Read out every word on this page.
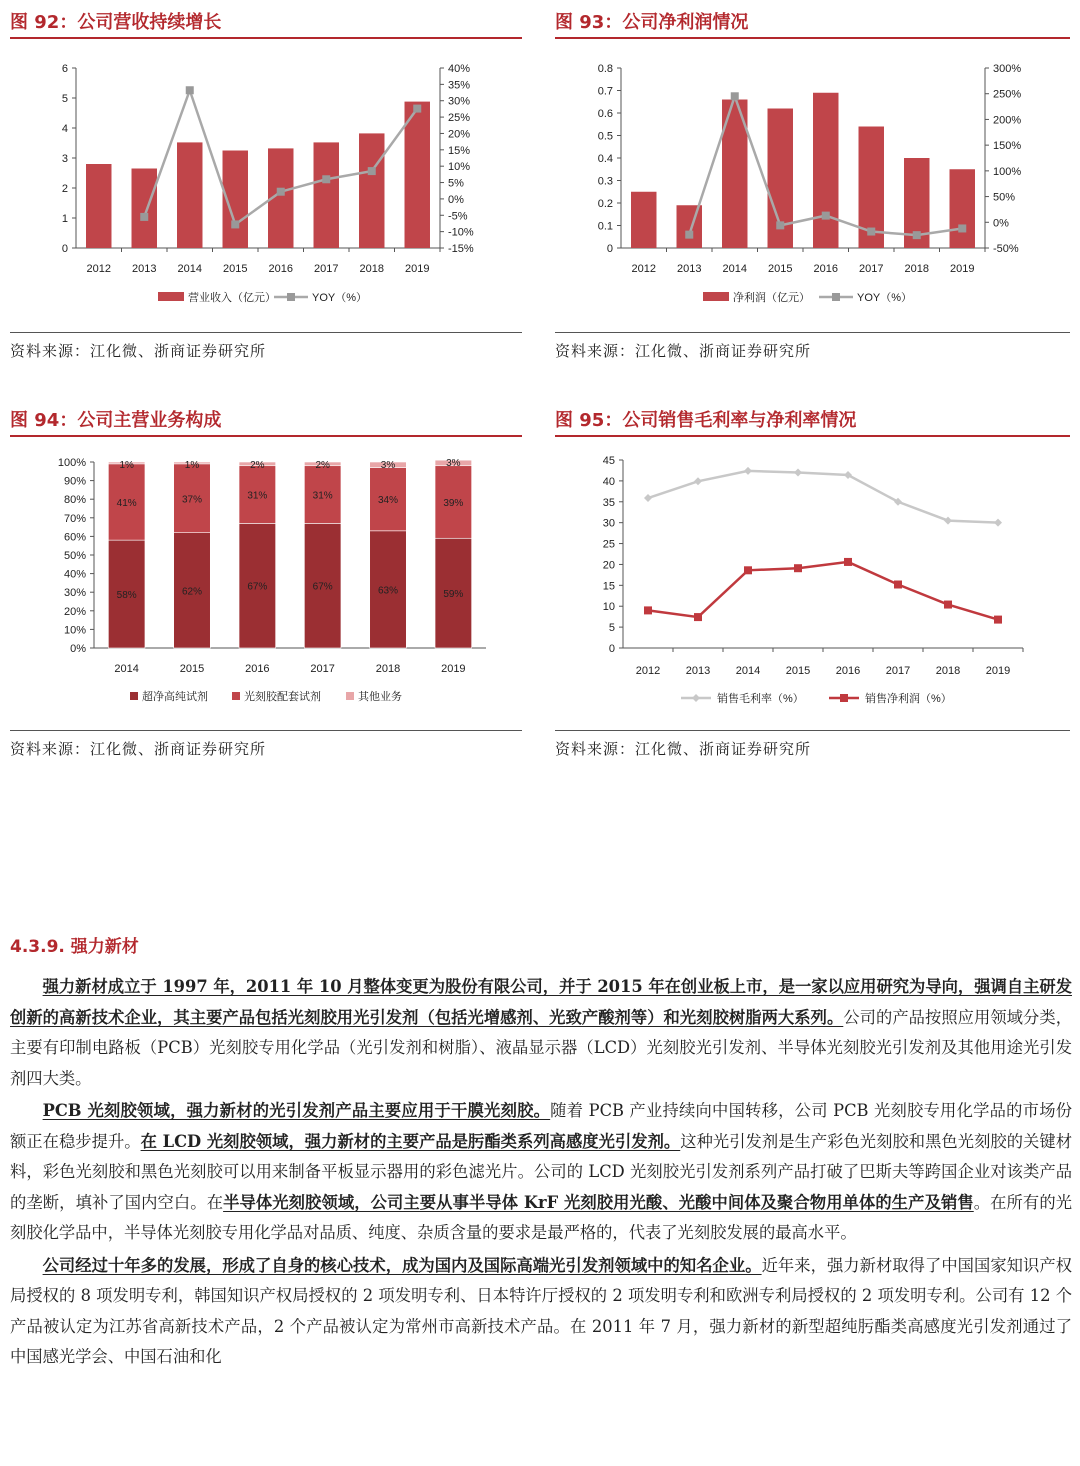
图 92：公司营收持续增长
0
1
2
3
4
5
6	40%
35%
30%
25%
20%
15%
10%
5%
0%
-5%
-10%
-15%
2012 2013 2014 2015 2016 2017 2018 2019
营业收入（亿元）	YOY（%）
资料来源：江化微、浙商证券研究所
图 93：公司净利润情况
0
0.1
0.2
0.3
0.4
0.5
0.6
0.7
0.8	300%
250%
200%
150%
100%
50%
0%
-50%
2012 2013 2014 2015 2016 2017 2018 2019
净利润（亿元）	YOY（%）
资料来源：江化微、浙商证券研究所
图 94：公司主营业务构成
0%
10%
20%
30%
40%
50%
60%
70%
80%
90%
100%
58%
41%
1%
2014
62%
37%
1%
2015
67%
31%
2%
2016
67%
31%
2%
2017
63%
34%
3%
2018
59%
39%
3%
2019
超净高纯试剂	光刻胶配套试剂	其他业务
资料来源：江化微、浙商证券研究所
图 95：公司销售毛利率与净利率情况
0
5
10
15
20
25
30
35
40
45
2012 2013 2014 2015 2016 2017 2018 2019
销售毛利率（%）	销售净利润（%）
资料来源：江化微、浙商证券研究所
4.3.9. 强力新材

强力新材成立于 1997 年，2011 年 10 月整体变更为股份有限公司，并于 2015 年在创业板上市，是一家以应用研究为导向，强调自主研发创新的高新技术企业，其主要产品包括光刻胶用光引发剂（包括光增感剂、光致产酸剂等）和光刻胶树脂两大系列。公司的产品按照应用领域分类，主要有印制电路板（PCB）光刻胶专用化学品（光引发剂和树脂）、液晶显示器（LCD）光刻胶光引发剂、半导体光刻胶光引发剂及其他用途光引发剂四大类。

PCB 光刻胶领域，强力新材的光引发剂产品主要应用于干膜光刻胶。随着 PCB 产业持续向中国转移，公司 PCB 光刻胶专用化学品的市场份额正在稳步提升。在 LCD 光刻胶领域，强力新材的主要产品是肟酯类系列高感度光引发剂。这种光引发剂是生产彩色光刻胶和黑色光刻胶的关键材料，彩色光刻胶和黑色光刻胶可以用来制备平板显示器用的彩色滤光片。公司的 LCD 光刻胶光引发剂系列产品打破了巴斯夫等跨国企业对该类产品的垄断，填补了国内空白。在半导体光刻胶领域，公司主要从事半导体 KrF 光刻胶用光酸、光酸中间体及聚合物用单体的生产及销售。在所有的光刻胶化学品中，半导体光刻胶专用化学品对品质、纯度、杂质含量的要求是最严格的，代表了光刻胶发展的最高水平。

公司经过十年多的发展，形成了自身的核心技术，成为国内及国际高端光引发剂领域中的知名企业。近年来，强力新材取得了中国国家知识产权局授权的 8 项发明专利，韩国知识产权局授权的 2 项发明专利、日本特许厅授权的 2 项发明专利和欧洲专利局授权的 2 项发明专利。公司有 12 个产品被认定为江苏省高新技术产品，2 个产品被认定为常州市高新技术产品。在 2011 年 7 月，强力新材的新型超纯肟酯类高感度光引发剂通过了中国感光学会、中国石油和化
